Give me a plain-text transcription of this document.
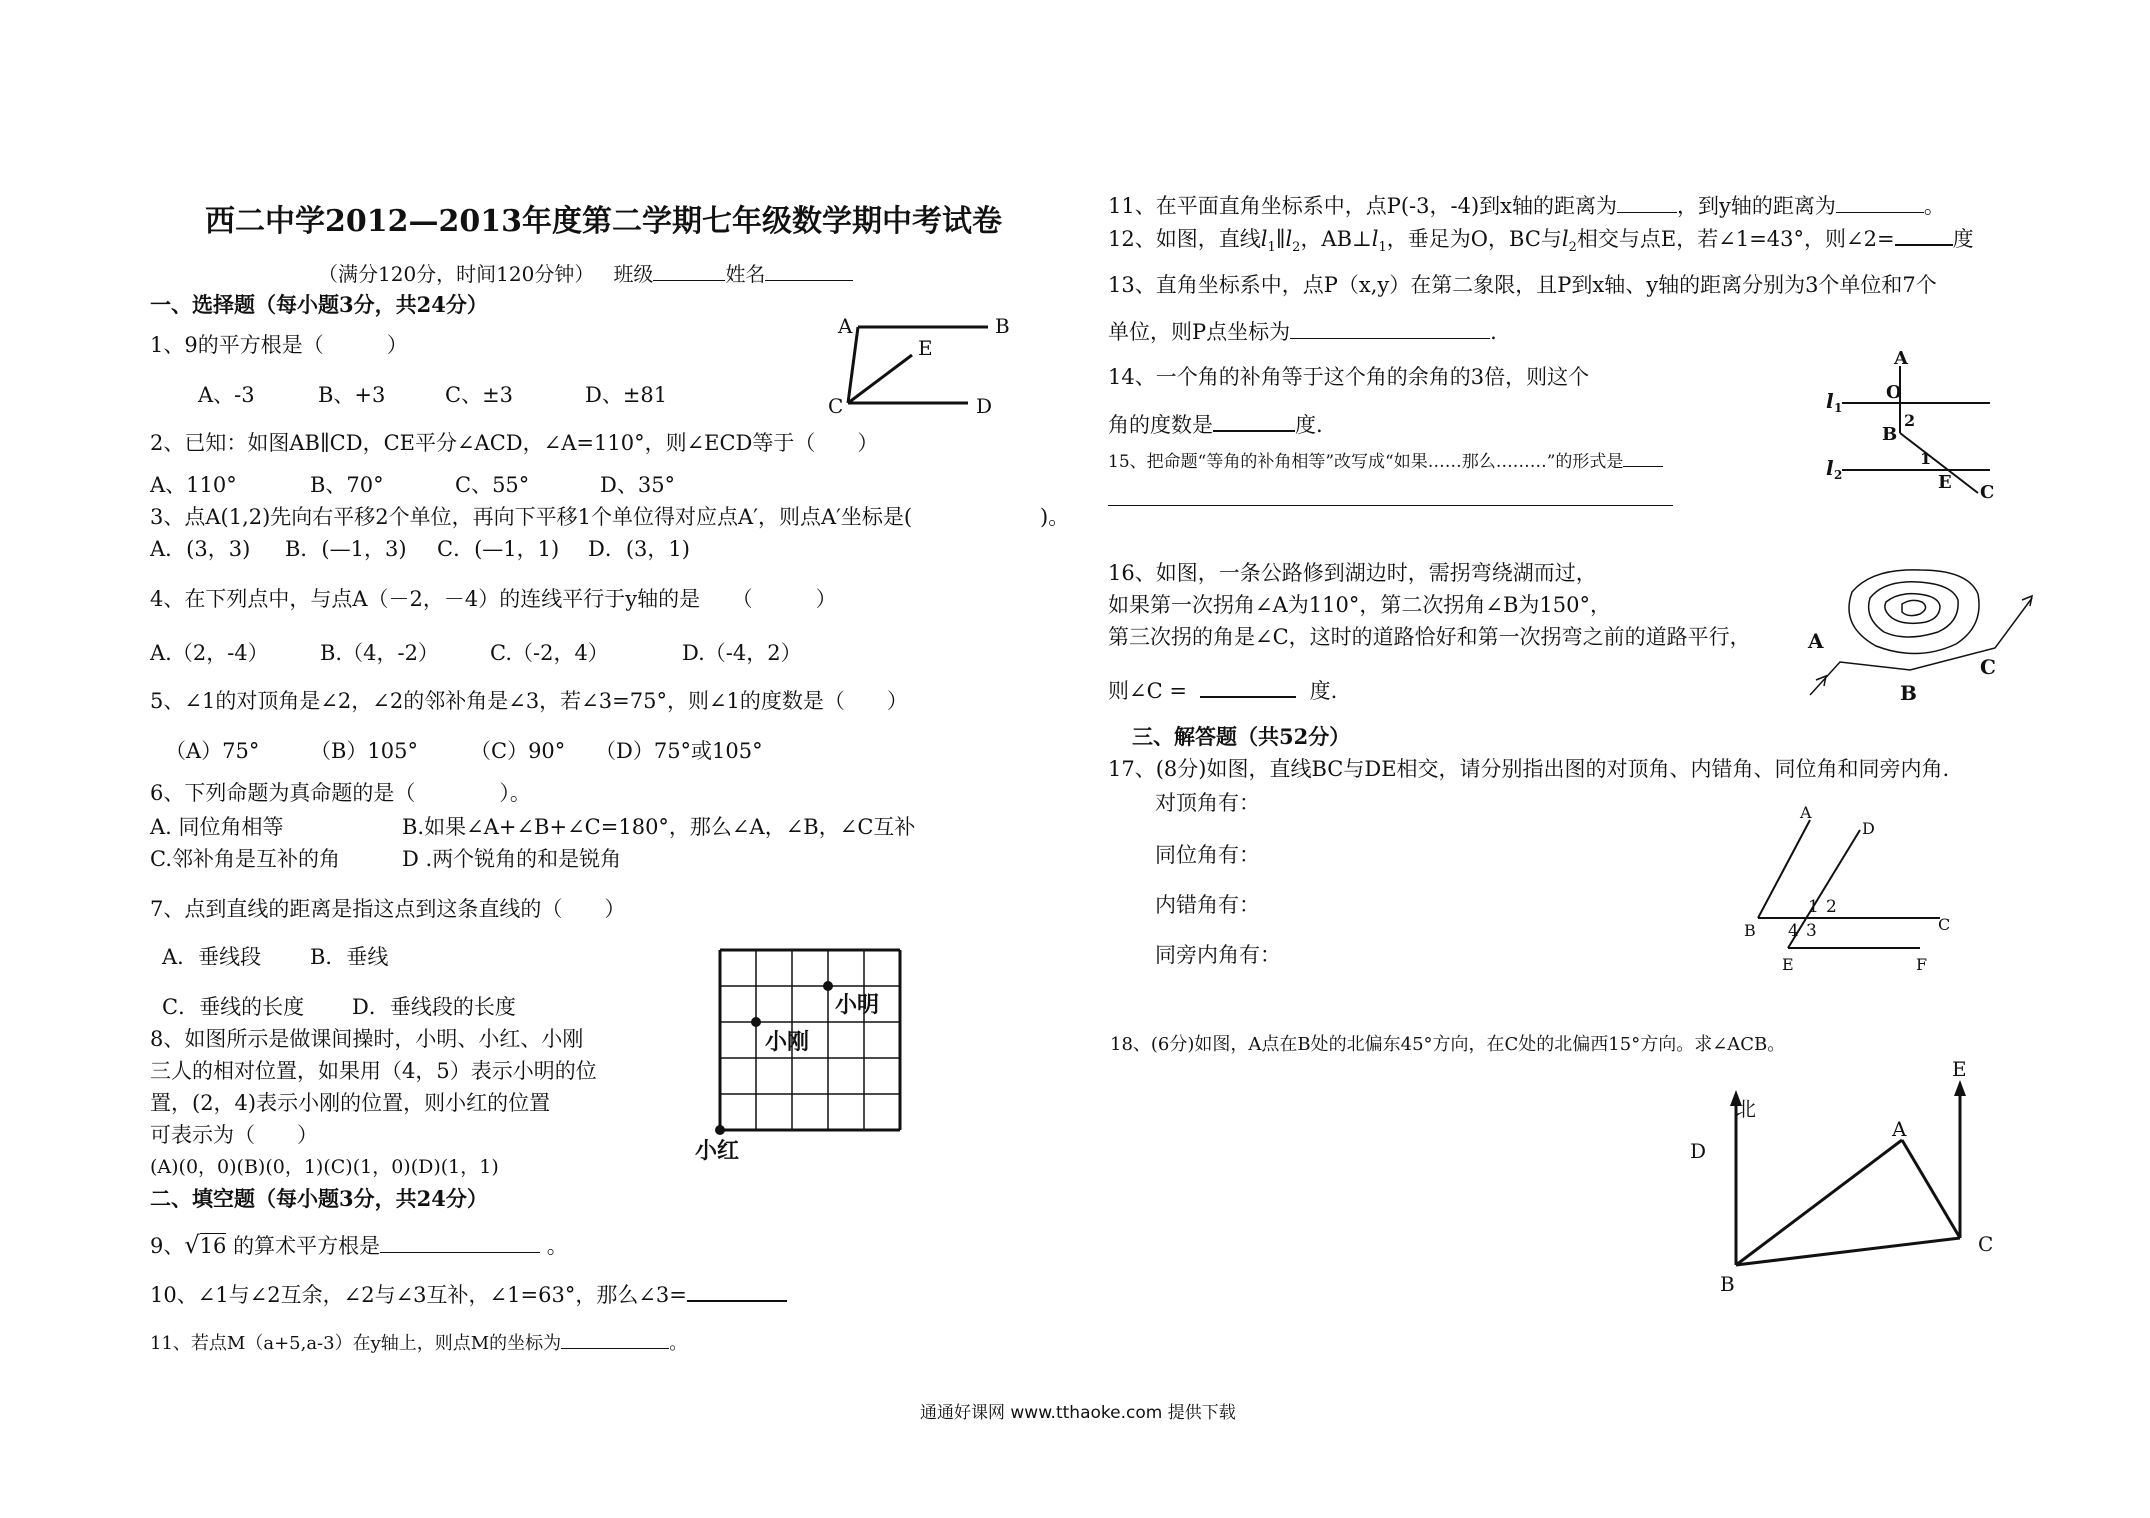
西二中学2012—2013年度第二学期七年级数学期中考试卷
（满分120分，时间120分钟） 班级	姓名
一、选择题（每小题3分，共24分）
1、9的平方根是（　　　）
A、-3	B、+3	C、±3	D、±81
2、已知：如图AB∥CD，CE平分∠ACD，∠A=110°，则∠ECD等于（　　）
A、110°	B、70°	C、55°	D、35°
3、点A(1,2)先向右平移2个单位，再向下平移1个单位得对应点A′，则点A′坐标是(	)。
A．(3，3) B．(—1，3) C．(—1，1) D．(3，1)
4、在下列点中，与点A（－2，－4）的连线平行于y轴的是　　（　　　）
A.（2，-4） B.（4，-2） C.（-2，4）	D.（-4，2）
5、∠1的对顶角是∠2，∠2的邻补角是∠3，若∠3=75°，则∠1的度数是（　　）
（A）75° （B）105° （C）90° （D）75°或105°
6、下列命题为真命题的是（　　　　）。
A. 同位角相等	B.如果∠A+∠B+∠C=180°，那么∠A，∠B，∠C互补
C.邻补角是互补的角	D .两个锐角的和是锐角
7、点到直线的距离是指这点到这条直线的（　　）
A．垂线段 B．垂线
C．垂线的长度 D．垂线段的长度
8、如图所示是做课间操时，小明、小红、小刚
三人的相对位置，如果用（4，5）表示小明的位
置，(2，4)表示小刚的位置，则小红的位置
可表示为（　　）
(A)(0，0)(B)(0，1)(C)(1，0)(D)(1，1)
二、填空题（每小题3分，共24分）
9、√16 的算术平方根是	。
10、∠1与∠2互余，∠2与∠3互补，∠1=63°，那么∠3=
11、若点M（a+5,a-3）在y轴上，则点M的坐标为	。
A	B
E
C	D
小明
小刚
小红
11、在平面直角坐标系中，点P(-3，-4)到x轴的距离为	，到y轴的距离为	。
12、如图，直线$l_1\parallel l_2$，$AB\perp l_1$，垂足为O，BC与$l_2$相交与点E，若∠1=43°，则∠2=	度
13、直角坐标系中，点P（x,y）在第二象限，且P到x轴、y轴的距离分别为3个单位和7个
单位，则P点坐标为	.
14、一个角的补角等于这个角的余角的3倍，则这个
角的度数是	度.
15、把命题“等角的补角相等”改写成“如果……那么………”的形式是
16、如图，一条公路修到湖边时，需拐弯绕湖而过，
如果第一次拐角∠A为110°，第二次拐角∠B为150°，
第三次拐的角是∠C，这时的道路恰好和第一次拐弯之前的道路平行，
则∠C =	度.
三、解答题（共52分）
17、(8分)如图，直线BC与DE相交，请分别指出图的对顶角、内错角、同位角和同旁内角.
对顶角有：
同位角有：
内错角有：
同旁内角有：
18、(6分)如图，A点在B处的北偏东45°方向，在C处的北偏西15°方向。求∠ACB。
A
O
2
B
1
E C
l 1
l 2
A
B
C
A
D
B	C
E	F
1 2
4 3
北
D
A
E
C
B
通通好课网 www.tthaoke.com 提供下载
